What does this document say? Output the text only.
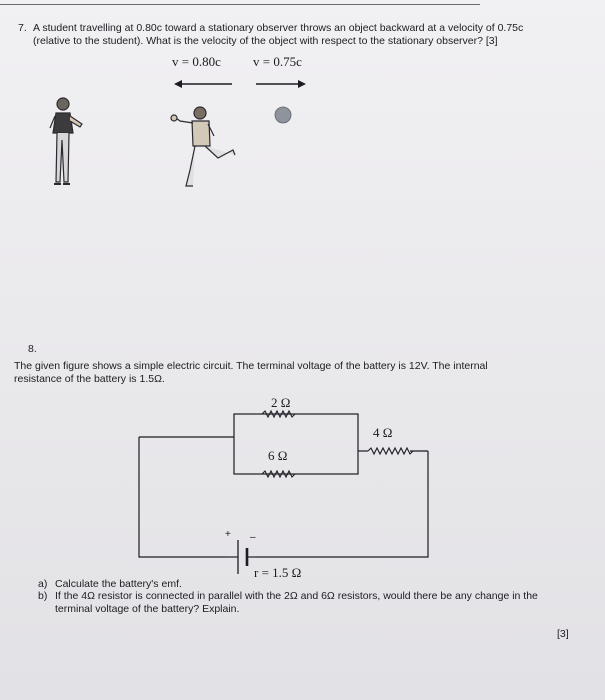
7. A student travelling at 0.80c toward a stationary observer throws an object backward at a velocity of 0.75c
(relative to the student). What is the velocity of the object with respect to the stationary observer? [3]
v = 0.80c v = 0.75c
8.
The given figure shows a simple electric circuit. The terminal voltage of the battery is 12V. The internal
resistance of the battery is 1.5Ω.
2 Ω
4 Ω
6 Ω
r = 1.5 Ω
+ –
a) Calculate the battery's emf.
b) If the 4Ω resistor is connected in parallel with the 2Ω and 6Ω resistors, would there be any change in the
terminal voltage of the battery? Explain.
[3]
